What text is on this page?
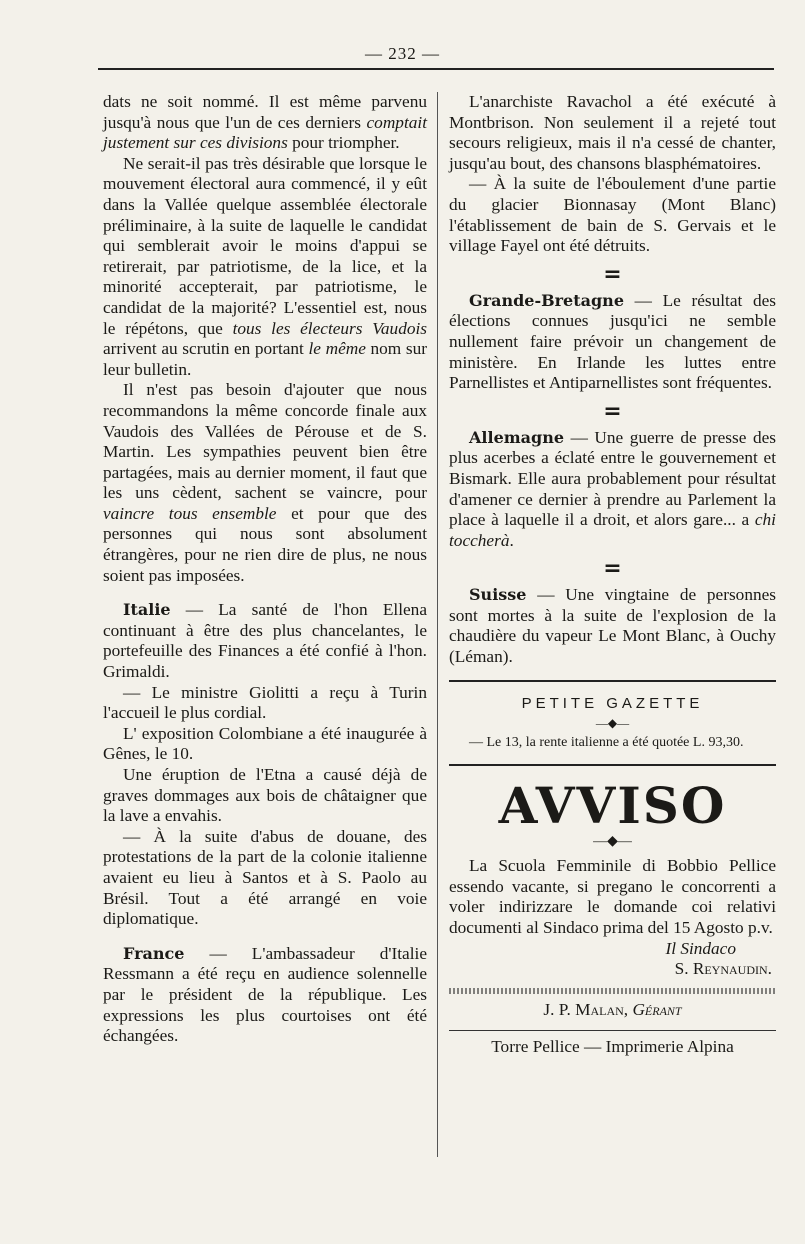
— 232 —

dats ne soit nommé. Il est même parvenu jusqu'à nous que l'un de ces derniers comptait justement sur ces divisions pour triompher.

Ne serait-il pas très désirable que lorsque le mouvement électoral aura commencé, il y eût dans la Vallée quelque assemblée électorale préliminaire, à la suite de laquelle le candidat qui semblerait avoir le moins d'appui se retirerait, par patriotisme, de la lice, et la minorité accepterait, par patriotisme, le candidat de la majorité? L'essentiel est, nous le répétons, que tous les électeurs Vaudois arrivent au scrutin en portant le même nom sur leur bulletin.

Il n'est pas besoin d'ajouter que nous recommandons la même concorde finale aux Vaudois des Vallées de Pérouse et de S. Martin. Les sympathies peuvent bien être partagées, mais au dernier moment, il faut que les uns cèdent, sachent se vaincre, pour vaincre tous ensemble et pour que des personnes qui nous sont absolument étrangères, pour ne rien dire de plus, ne nous soient pas imposées.

Italie — La santé de l'hon Ellena continuant à être des plus chancelantes, le portefeuille des Finances a été confié à l'hon. Grimaldi.

— Le ministre Giolitti a reçu à Turin l'accueil le plus cordial.

L' exposition Colombiane a été inaugurée à Gênes, le 10.

Une éruption de l'Etna a causé déjà de graves dommages aux bois de châtaigner que la lave a envahis.

— À la suite d'abus de douane, des protestations de la part de la colonie italienne avaient eu lieu à Santos et à S. Paolo au Brésil. Tout a été arrangé en voie diplomatique.

France — L'ambassadeur d'Italie Ressmann a été reçu en audience solennelle par le président de la république. Les expressions les plus courtoises ont été échangées.

L'anarchiste Ravachol a été exécuté à Montbrison. Non seulement il a rejeté tout secours religieux, mais il n'a cessé de chanter, jusqu'au bout, des chansons blasphématoires.

— À la suite de l'éboulement d'une partie du glacier Bionnasay (Mont Blanc) l'établissement de bain de S. Gervais et le village Fayel ont été détruits.

=

Grande-Bretagne — Le résultat des élections connues jusqu'ici ne semble nullement faire prévoir un changement de ministère. En Irlande les luttes entre Parnellistes et Antiparnellistes sont fréquentes.

=

Allemagne — Une guerre de presse des plus acerbes a éclaté entre le gouvernement et Bismark. Elle aura probablement pour résultat d'amener ce dernier à prendre au Parlement la place à laquelle il a droit, et alors gare... a chi toccherà.

=

Suisse — Une vingtaine de personnes sont mortes à la suite de l'explosion de la chaudière du vapeur Le Mont Blanc, à Ouchy (Léman).

PETITE GAZETTE
—◆—

— Le 13, la rente italienne a été quotée L. 93,30.

AVVISO
—◆—

La Scuola Femminile di Bobbio Pellice essendo vacante, si pregano le concorrenti a voler indirizzare le domande coi relativi documenti al Sindaco prima del 15 Agosto p.v.

Il Sindaco
S. Reynaudin.
J. P. Malan, Gérant
Torre Pellice — Imprimerie Alpina
